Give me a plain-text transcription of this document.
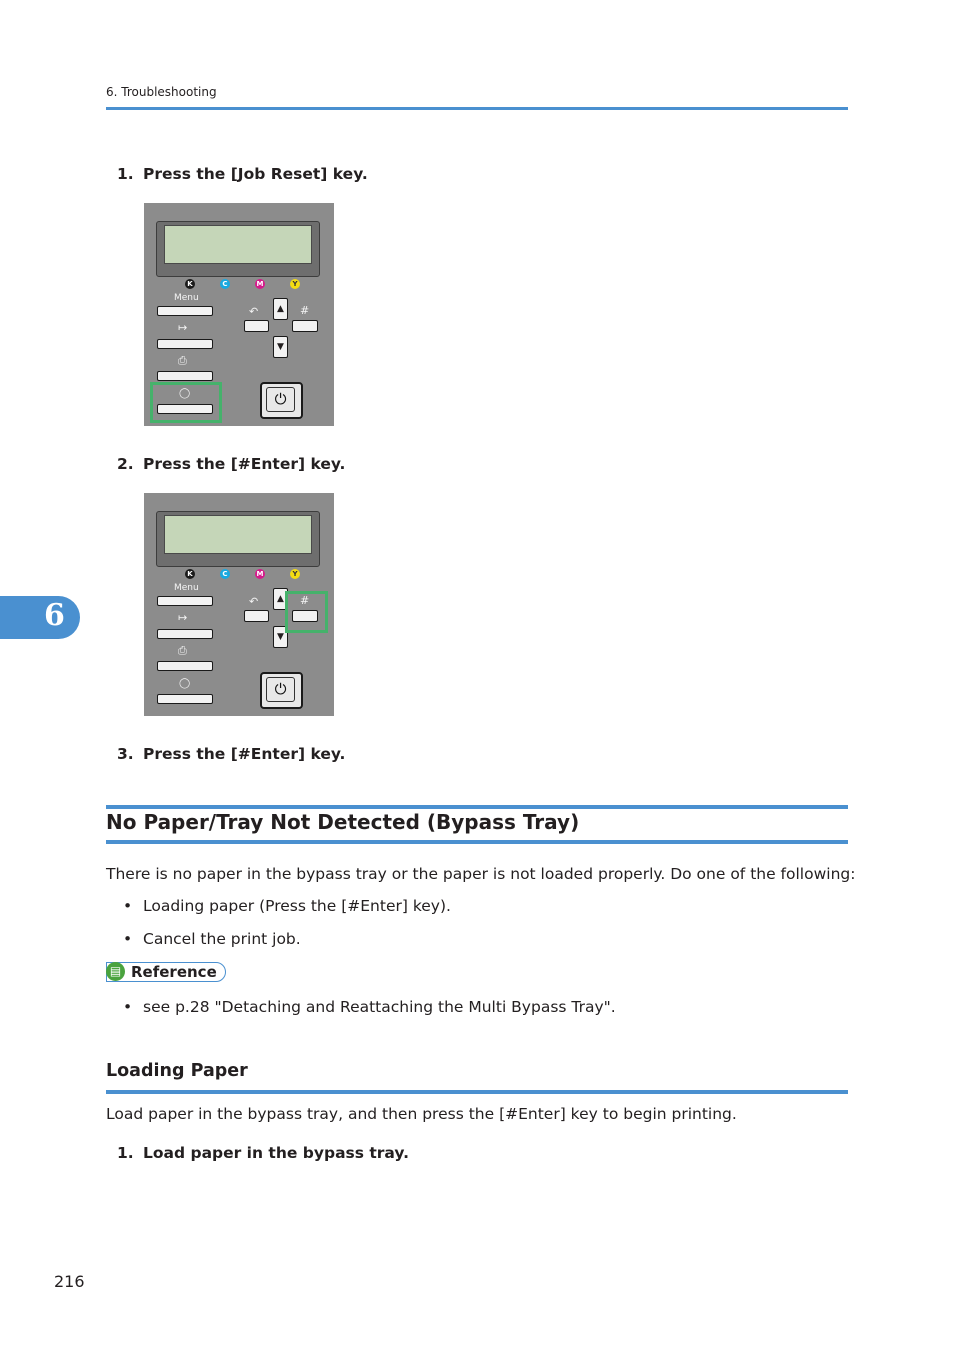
6. Troubleshooting
1. Press the [Job Reset] key.
K	C	M	Y
Menu
↦
⎙
◯
↶	▲
▼
#
⏻
2. Press the [#Enter] key.
K	C	M	Y
Menu
↦
⎙
◯
↶	▲
▼
#
⏻
3. Press the [#Enter] key.
6
No Paper/Tray Not Detected (Bypass Tray)
There is no paper in the bypass tray or the paper is not loaded properly. Do one of the following:
• Loading paper (Press the [#Enter] key).
• Cancel the print job.
▤ Reference
• see p.28 "Detaching and Reattaching the Multi Bypass Tray".
Loading Paper
Load paper in the bypass tray, and then press the [#Enter] key to begin printing.
1. Load paper in the bypass tray.
216
